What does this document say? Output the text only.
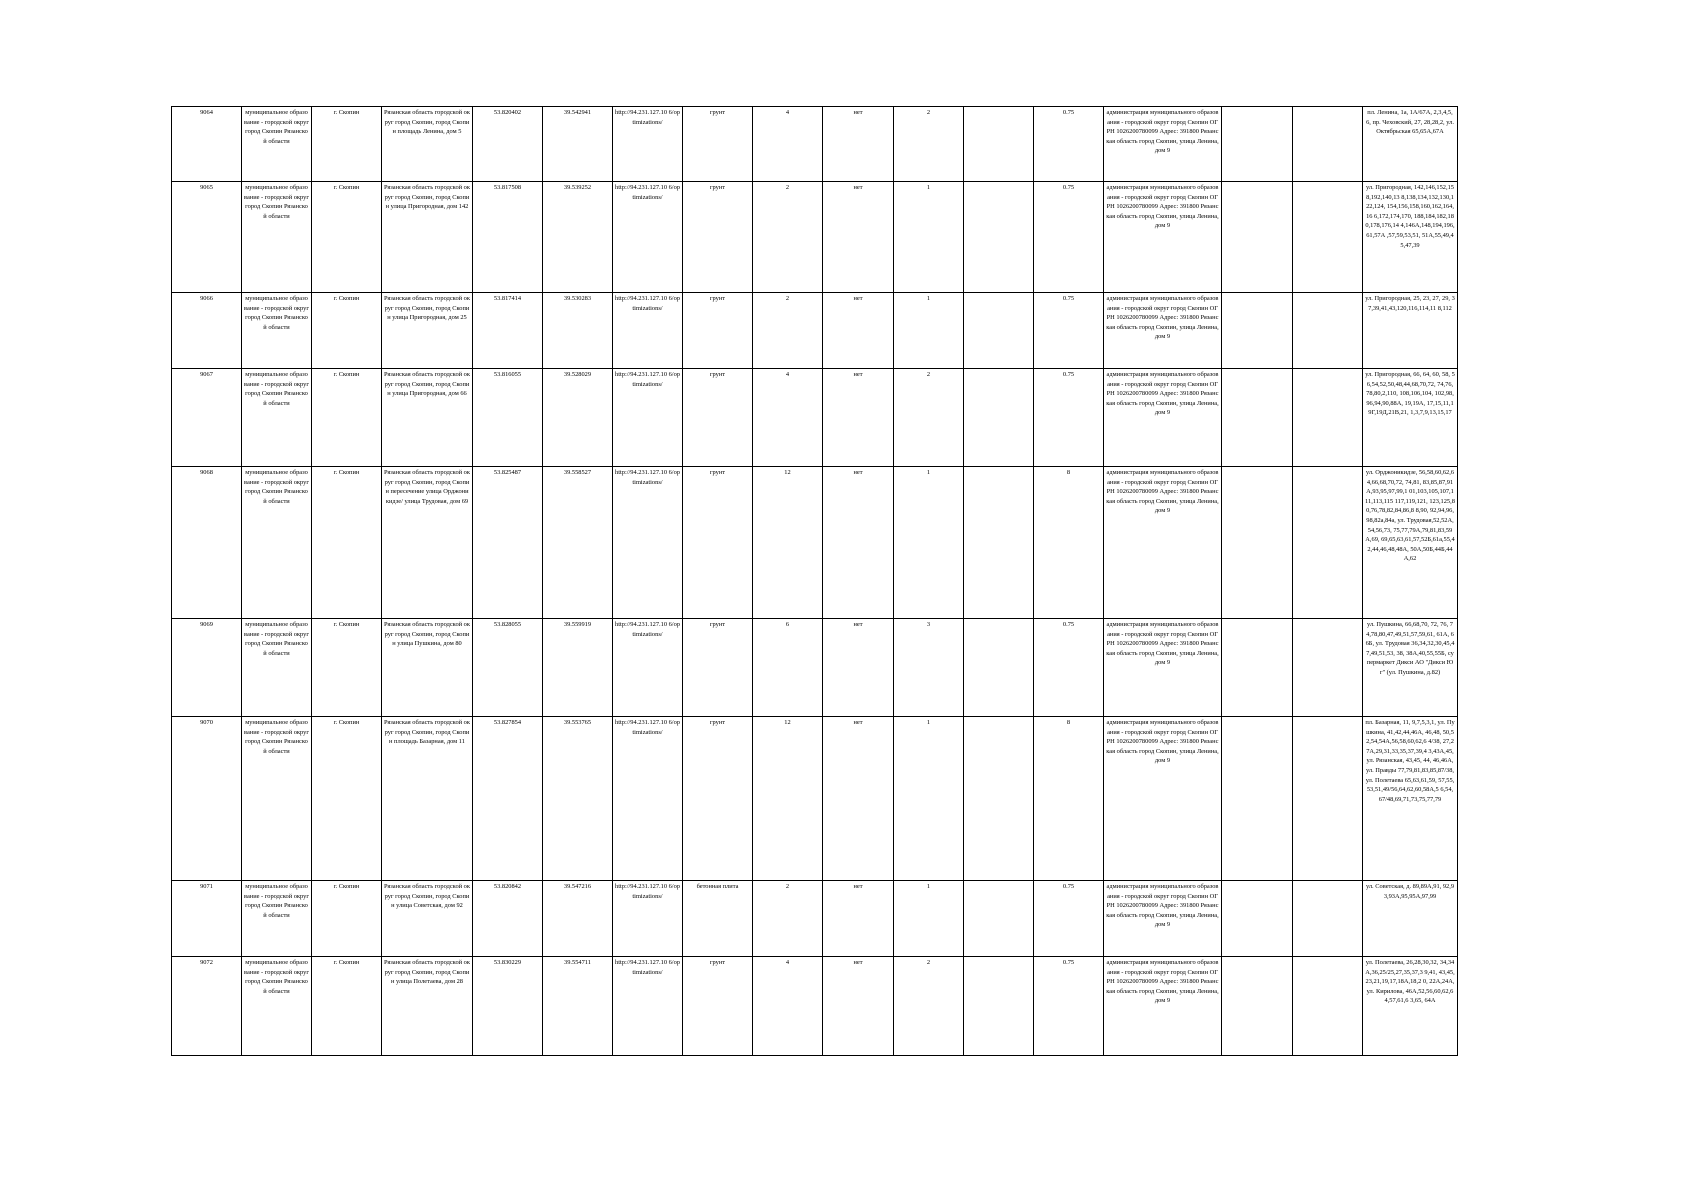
9064	муниципальное образование - городской округ город Скопин Рязанской области	г. Скопин	Рязанская область городской округ город Скопин, город Скопин площадь Ленина, дом 5	53.820402	39.542941	http://94.231.127.10 6/optimizations/	грунт	4	нет	2		0.75	администрация муниципального образования - городской округ город Скопин ОГРН 1026200780099 Адрес: 391800 Рязанская область город Скопин, улица Ленина, дом 9			пл. Ленина, 1а, 1А/67А, 2,3,4,5,6, пр. Чеховский, 27, 28,28,2, ул. Октябрьская 65,65А,67А
9065	муниципальное образование - городской округ город Скопин Рязанской области	г. Скопин	Рязанская область городской округ город Скопин, город Скопин улица Пригородная, дом 142	53.817508	39.539252	http://94.231.127.10 6/optimizations/	грунт	2	нет	1		0.75	администрация муниципального образования - городской округ город Скопин ОГРН 1026200780099 Адрес: 391800 Рязанская область город Скопин, улица Ленина, дом 9			ул. Пригородная, 142,146,152,158,192,140,13 8,138,134,132,130,122,124, 154,156,158,160,162,164,16 6,172,174,170, 188,184,182,180,178,176,14 4,146А,148,194,196,61,57А ,57,59,53,51, 51А,55,49,45,47,39
9066	муниципальное образование - городской округ город Скопин Рязанской области	г. Скопин	Рязанская область городской округ город Скопин, город Скопин улица Пригородная, дом 25	53.817414	39.530283	http://94.231.127.10 6/optimizations/	грунт	2	нет	1		0.75	администрация муниципального образования - городской округ город Скопин ОГРН 1026200780099 Адрес: 391800 Рязанская область город Скопин, улица Ленина, дом 9			ул. Пригородная, 25, 23, 27, 29, 37,39,41,43,120,116,114,11 8,112
9067	муниципальное образование - городской округ город Скопин Рязанской области	г. Скопин	Рязанская область городской округ город Скопин, город Скопин улица Пригородная, дом 66	53.816055	39.528029	http://94.231.127.10 6/optimizations/	грунт	4	нет	2		0.75	администрация муниципального образования - городской округ город Скопин ОГРН 1026200780099 Адрес: 391800 Рязанская область город Скопин, улица Ленина, дом 9			ул. Пригородная, 66, 64, 60, 58, 56,54,52,50,48,44,68,70,72, 74,76, 78,80,2,110, 108,106,104, 102,98,96,94,90,88А, 19,19А, 17,15,11,19Г,19Д,21В,21, 1,3,7,9,13,15,17
9068	муниципальное образование - городской округ город Скопин Рязанской области	г. Скопин	Рязанская область городской округ город Скопин, город Скопин пересечение улица Орджоникидзе/ улица Трудовая, дом 69	53.825487	39.558527	http://94.231.127.10 6/optimizations/	грунт	12	нет	1		8	администрация муниципального образования - городской округ город Скопин ОГРН 1026200780099 Адрес: 391800 Рязанская область город Скопин, улица Ленина, дом 9			ул. Орджоникидзе, 56,58,60,62,64,66,68,70,72, 74,81, 83,85,87,91А,93,95,97,99,1 01,103,105,107,111,113,115 117,119,121, 123,125,80,76,78,82,84,86,8 8,90, 92,94,96,98,82а,84а, ул. Трудовая,52,52А,54,56,73, 75,77,79А,79,81,83,59А,69, 69,65,63,61,57,52Б,61а,55,4 2,44,46,48,48А, 50А,50Б,44Б,44А,62
9069	муниципальное образование - городской округ город Скопин Рязанской области	г. Скопин	Рязанская область городской округ город Скопин, город Скопин улица Пушкина, дом 80	53.828055	39.559919	http://94.231.127.10 6/optimizations/	грунт	6	нет	3		0.75	администрация муниципального образования - городской округ город Скопин ОГРН 1026200780099 Адрес: 391800 Рязанская область город Скопин, улица Ленина, дом 9			ул. Пушкина, 66,68,70, 72, 76, 74,78,80,47,49,51,57,59,61, 61А, 66Б, ул. Трудовая 36,34,32,30,45,47,49,51,53, 38, 38А,40,55,55Б, супермаркет Дикси АО "Дикси Юг" (ул. Пушкина, д.82)
9070	муниципальное образование - городской округ город Скопин Рязанской области	г. Скопин	Рязанская область городской округ город Скопин, город Скопин площадь Базарная, дом 11	53.827854	39.553765	http://94.231.127.10 6/optimizations/	грунт	12	нет	1		8	администрация муниципального образования - городской округ город Скопин ОГРН 1026200780099 Адрес: 391800 Рязанская область город Скопин, улица Ленина, дом 9			пл. Базарная, 11, 9,7,5,3,1, ул. Пушкина, 41,42,44,46А, 46,48, 50,52,54,54А,56,58,60,62,6 4/38, 27,27А,29,31,33,35,37,39,4 3,43А,45, ул. Рязанская, 43,45, 44, 46,46А, ул. Правды 77,79,81,83,85,87/38, ул. Полетаева 65,63,61,59, 57,55, 53,51,49/56,64,62,60,58А,5 6,54, 67/48,69,71,73,75,77,79
9071	муниципальное образование - городской округ город Скопин Рязанской области	г. Скопин	Рязанская область городской округ город Скопин, город Скопин улица Советская, дом 92	53.820842	39.547216	http://94.231.127.10 6/optimizations/	бетонная плита	2	нет	1		0.75	администрация муниципального образования - городской округ город Скопин ОГРН 1026200780099 Адрес: 391800 Рязанская область город Скопин, улица Ленина, дом 9			ул. Советская, д. 89,89А,91, 92,93,93А,95,95А,97,99
9072	муниципальное образование - городской округ город Скопин Рязанской области	г. Скопин	Рязанская область городской округ город Скопин, город Скопин улица Полетаева, дом 28	53.830229	39.554711	http://94.231.127.10 6/optimizations/	грунт	4	нет	2		0.75	администрация муниципального образования - городской округ город Скопин ОГРН 1026200780099 Адрес: 391800 Рязанская область город Скопин, улица Ленина, дом 9			ул. Полетаева, 26,28,30,32, 34,34А,36,25/25,27,35,37,3 9,41, 43,45,23,21,19,17,18А,18,2 0, 22А,24А, ул. Кирилова, 46А,52,56,60,62,64,57,61,6 3,65, 64А
